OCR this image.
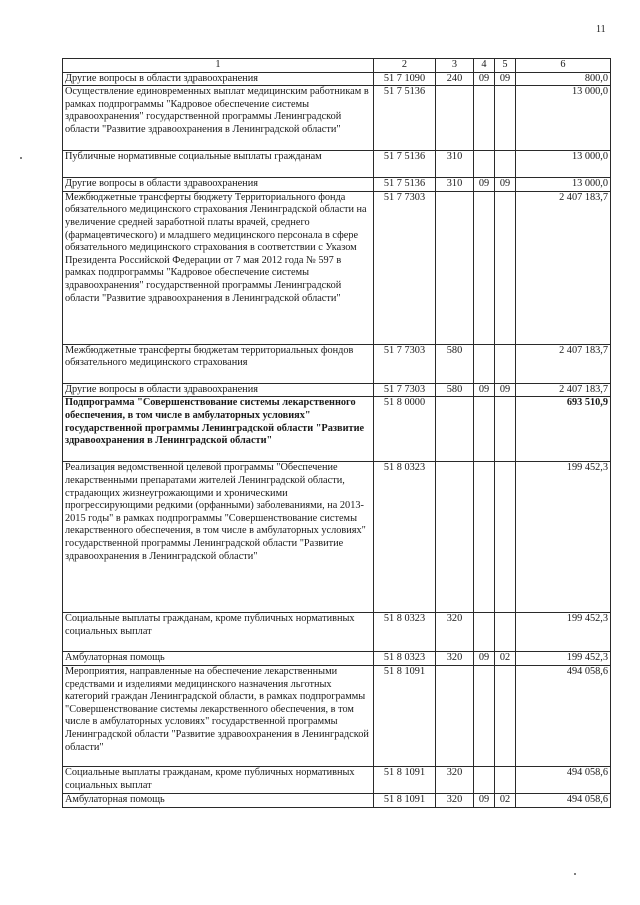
11
1	2	3	4	5	6
Другие вопросы в области здравоохранения	51 7 1090	240	09	09	800,0
Осуществление единовременных выплат медицинским работникам в рамках подпрограммы "Кадровое обеспечение системы здравоохранения" государственной программы Ленинградской области "Развитие здравоохранения в Ленинградской области"	51 7 5136				13 000,0
Публичные нормативные социальные выплаты гражданам	51 7 5136	310			13 000,0
Другие вопросы в области здравоохранения	51 7 5136	310	09	09	13 000,0
Межбюджетные трансферты бюджету Территориального фонда обязательного медицинского страхования Ленинградской области на увеличение средней заработной платы врачей, среднего (фармацевтического) и младшего медицинского персонала в сфере обязательного медицинского страхования в соответствии с Указом Президента Российской Федерации от 7 мая 2012 года № 597 в рамках подпрограммы "Кадровое обеспечение системы здравоохранения" государственной программы Ленинградской области "Развитие здравоохранения в Ленинградской области"	51 7 7303				2 407 183,7
Межбюджетные трансферты бюджетам территориальных фондов обязательного медицинского страхования	51 7 7303	580			2 407 183,7
Другие вопросы в области здравоохранения	51 7 7303	580	09	09	2 407 183,7
Подпрограмма "Совершенствование системы лекарственного обеспечения, в том числе в амбулаторных условиях" государственной программы Ленинградской области "Развитие здравоохранения в Ленинградской области"	51 8 0000				693 510,9
Реализация ведомственной целевой программы "Обеспечение лекарственными препаратами жителей Ленинградской области, страдающих жизнеугрожающими и хроническими прогрессирующими редкими (орфанными) заболеваниями, на 2013-2015 годы" в рамках подпрограммы "Совершенствование системы лекарственного обеспечения, в том числе в амбулаторных условиях" государственной программы Ленинградской области "Развитие здравоохранения в Ленинградской области"	51 8 0323				199 452,3
Социальные выплаты гражданам, кроме публичных нормативных социальных выплат	51 8 0323	320			199 452,3
Амбулаторная помощь	51 8 0323	320	09	02	199 452,3
Мероприятия, направленные на обеспечение лекарственными средствами и изделиями медицинского назначения льготных категорий граждан Ленинградской области, в рамках подпрограммы "Совершенствование системы лекарственного обеспечения, в том числе в амбулаторных условиях" государственной программы Ленинградской области "Развитие здравоохранения в Ленинградской области"	51 8 1091				494 058,6
Социальные выплаты гражданам, кроме публичных нормативных социальных выплат	51 8 1091	320			494 058,6
Амбулаторная помощь	51 8 1091	320	09	02	494 058,6
